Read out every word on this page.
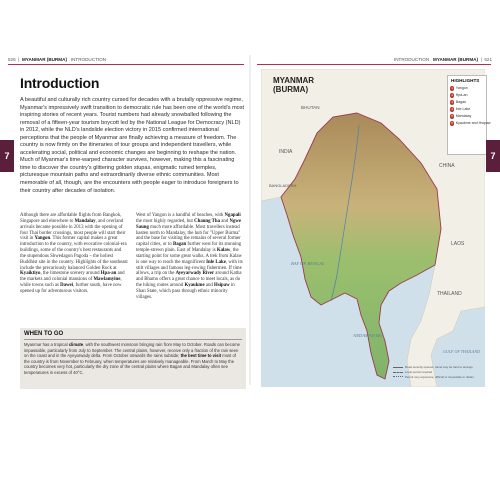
526  |  MYANMAR (BURMA) INTRODUCTION
Introduction

A beautiful and culturally rich country cursed for decades with a brutally oppressive regime, Myanmar's impressively swift transition to democratic rule has been one of the world's most inspiring stories of recent years. Tourist numbers had already snowballed following the removal of a fifteen-year tourism boycott led by the National League for Democracy (NLD) in 2012, while the NLD's landslide election victory in 2015 confirmed international perceptions that the people of Myanmar are finally achieving a measure of freedom. The country is now firmly on the itineraries of tour groups and independent travellers, while accelerating social, political and economic changes are beginning to reshape the nation. Much of Myanmar's time-warped character survives, however, making this a fascinating time to discover the country's glittering golden stupas, enigmatic ruined temples, picturesque mountain paths and extraordinarily diverse ethnic communities. Most memorable of all, though, are the encounters with people eager to introduce foreigners to their country after decades of isolation.

Although there are affordable flights from Bangkok, Singapore and elsewhere to Mandalay, and overland arrivals became possible in 2013 with the opening of four Thai border crossings, most people will start their visit in Yangon. This former capital makes a great introduction to the country, with evocative colonial-era buildings, some of the country's best restaurants and the stupendous Shwedagon Pagoda – the holiest Buddhist site in the country. Highlights of the southeast include the precariously balanced Golden Rock at Kyaiktiyo, the limestone scenery around Hpa-an and the markets and colonial mansions of Mawlamyine, while towns such as Dawei, further south, have now opened up for adventurous visitors.

West of Yangon is a handful of beaches, with Ngapali the most highly regarded, but Chaung Tha and Ngwe Saung much more affordable. Most travellers instead hasten north to Mandalay, the hub for "Upper Burma" and the base for visiting the remains of several former capital cities, or to Bagan further west for its stunning temple-strewn plain. East of Mandalay is Kalaw, the starting point for some great walks. A trek from Kalaw is one way to reach the magnificent Inle Lake, with its stilt villages and famous leg-rowing fishermen. If time allows, a trip on the Ayeyarwady River around Katha and Bhamo offers a great chance to meet locals, as do the hiking routes around Kyaukme and Hsipaw in Shan State, which pass through ethnic minority villages.

WHEN TO GO

Myanmar has a tropical climate, with the southwest monsoon bringing rain from May to October. Roads can become impassable, particularly from July to September. The central plains, however, receive only a fraction of the rain seen on the coast and in the Ayeyarwady delta. From October onwards the rains subside; the best time to visit most of the country is from November to February, when temperatures are relatively manageable. From March to May the country becomes very hot, particularly the dry zone of the central plains where Bagan and Mandalay often see temperatures in excess of 40°C.

7
INTRODUCTION MYANMAR (BURMA)  |  521
BAY OF BENGAL
ANDAMAN SEA
GULF OF THAILAND
BHUTAN
INDIA
BANGLADESH
CHINA
LAOS
THAILAND
MYANMAR
(BURMA)
HIGHLIGHTS
1 Yangon
2 Hpa-an
3 Bagan
4 Inle Lake
5 Mandalay
6 Kyaukme and Hsipaw
Road recently opened, travel may be hard to arrange
Local permit required
Permit very expensive, difficult or impossible to obtain
7
